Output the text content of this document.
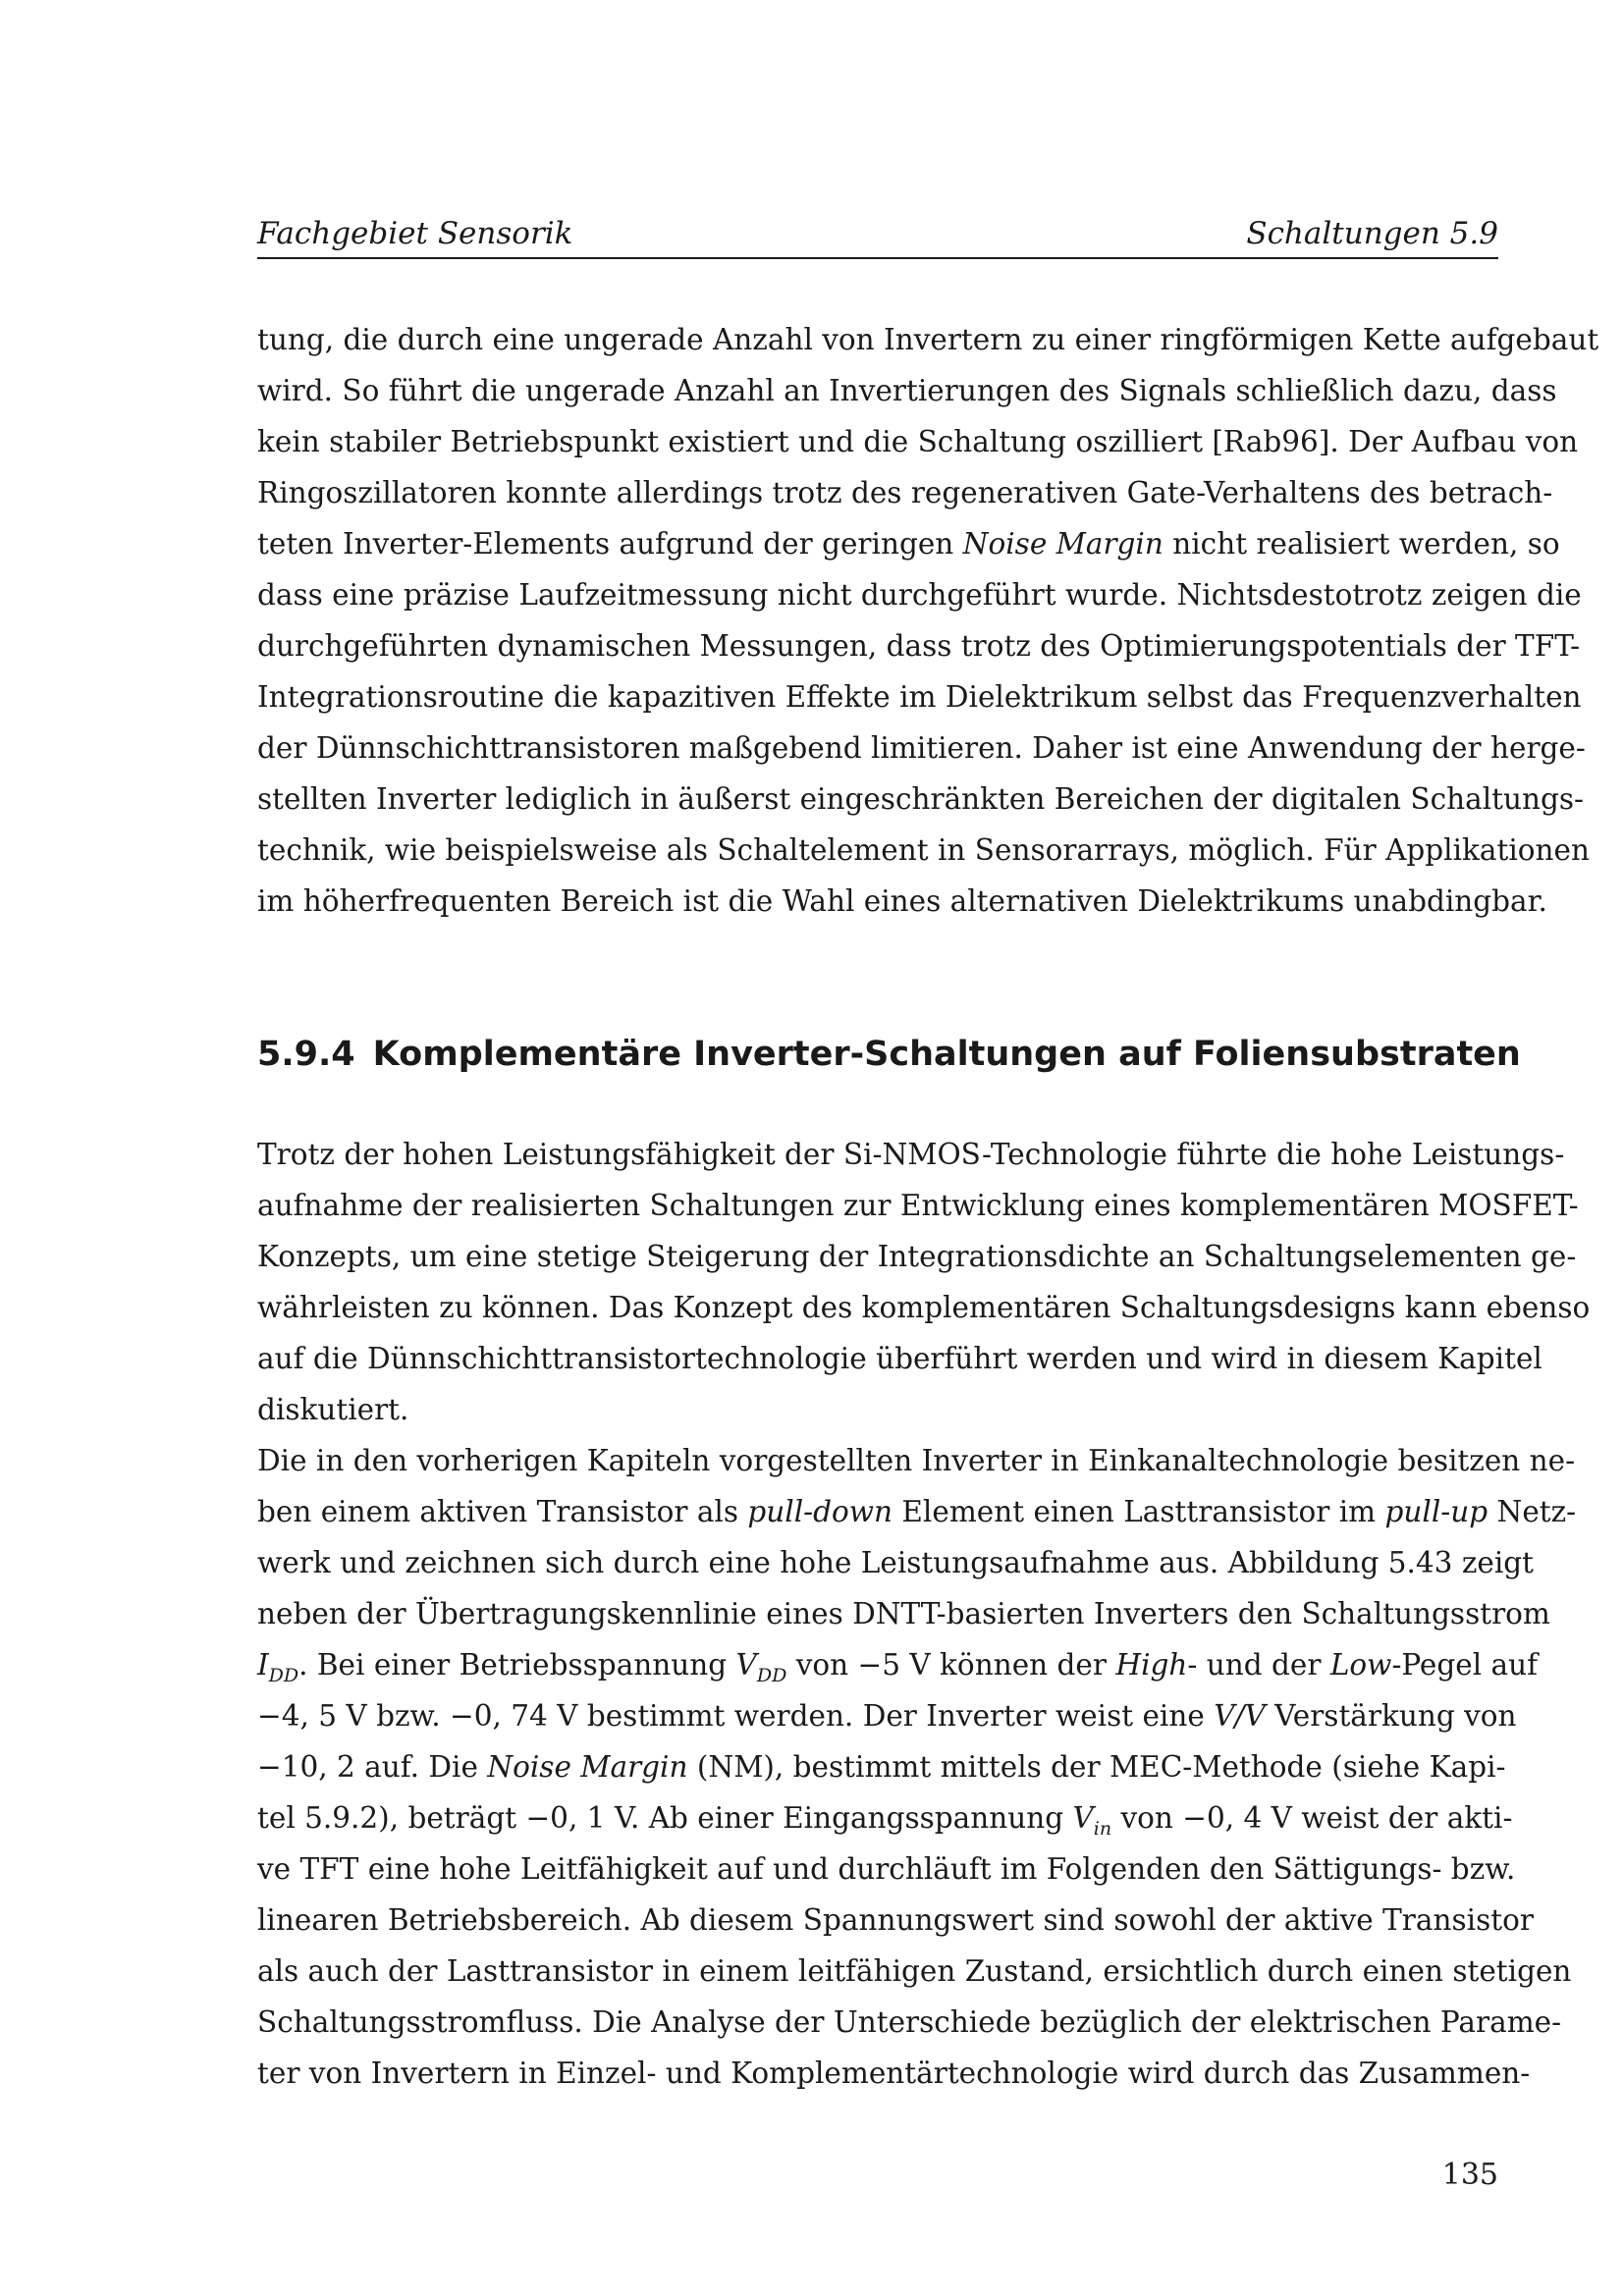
Fachgebiet Sensorik	Schaltungen 5.9
tung, die durch eine ungerade Anzahl von Invertern zu einer ringförmigen Kette aufgebaut
wird. So führt die ungerade Anzahl an Invertierungen des Signals schließlich dazu, dass
kein stabiler Betriebspunkt existiert und die Schaltung oszilliert [Rab96]. Der Aufbau von
Ringoszillatoren konnte allerdings trotz des regenerativen Gate-Verhaltens des betrach-
teten Inverter-Elements aufgrund der geringen Noise Margin nicht realisiert werden, so
dass eine präzise Laufzeitmessung nicht durchgeführt wurde. Nichtsdestotrotz zeigen die
durchgeführten dynamischen Messungen, dass trotz des Optimierungspotentials der TFT-
Integrationsroutine die kapazitiven Effekte im Dielektrikum selbst das Frequenzverhalten
der Dünnschichttransistoren maßgebend limitieren. Daher ist eine Anwendung der herge-
stellten Inverter lediglich in äußerst eingeschränkten Bereichen der digitalen Schaltungs-
technik, wie beispielsweise als Schaltelement in Sensorarrays, möglich. Für Applikationen
im höherfrequenten Bereich ist die Wahl eines alternativen Dielektrikums unabdingbar.
5.9.4 Komplementäre Inverter-Schaltungen auf Foliensubstraten
Trotz der hohen Leistungsfähigkeit der Si-NMOS-Technologie führte die hohe Leistungs-
aufnahme der realisierten Schaltungen zur Entwicklung eines komplementären MOSFET-
Konzepts, um eine stetige Steigerung der Integrationsdichte an Schaltungselementen ge-
währleisten zu können. Das Konzept des komplementären Schaltungsdesigns kann ebenso
auf die Dünnschichttransistortechnologie überführt werden und wird in diesem Kapitel
diskutiert.
Die in den vorherigen Kapiteln vorgestellten Inverter in Einkanaltechnologie besitzen ne-
ben einem aktiven Transistor als pull-down Element einen Lasttransistor im pull-up Netz-
werk und zeichnen sich durch eine hohe Leistungsaufnahme aus. Abbildung 5.43 zeigt
neben der Übertragungskennlinie eines DNTT-basierten Inverters den Schaltungsstrom
$I_{DD}$. Bei einer Betriebsspannung $V_{DD}$ von −5 V können der High- und der Low-Pegel auf
−4, 5 V bzw. −0, 74 V bestimmt werden. Der Inverter weist eine V/V Verstärkung von
−10, 2 auf. Die Noise Margin (NM), bestimmt mittels der MEC-Methode (siehe Kapi-
tel 5.9.2), beträgt −0, 1 V. Ab einer Eingangsspannung $V_{in}$ von −0, 4 V weist der akti-
ve TFT eine hohe Leitfähigkeit auf und durchläuft im Folgenden den Sättigungs- bzw.
linearen Betriebsbereich. Ab diesem Spannungswert sind sowohl der aktive Transistor
als auch der Lasttransistor in einem leitfähigen Zustand, ersichtlich durch einen stetigen
Schaltungsstromfluss. Die Analyse der Unterschiede bezüglich der elektrischen Parame-
ter von Invertern in Einzel- und Komplementärtechnologie wird durch das Zusammen-
135
